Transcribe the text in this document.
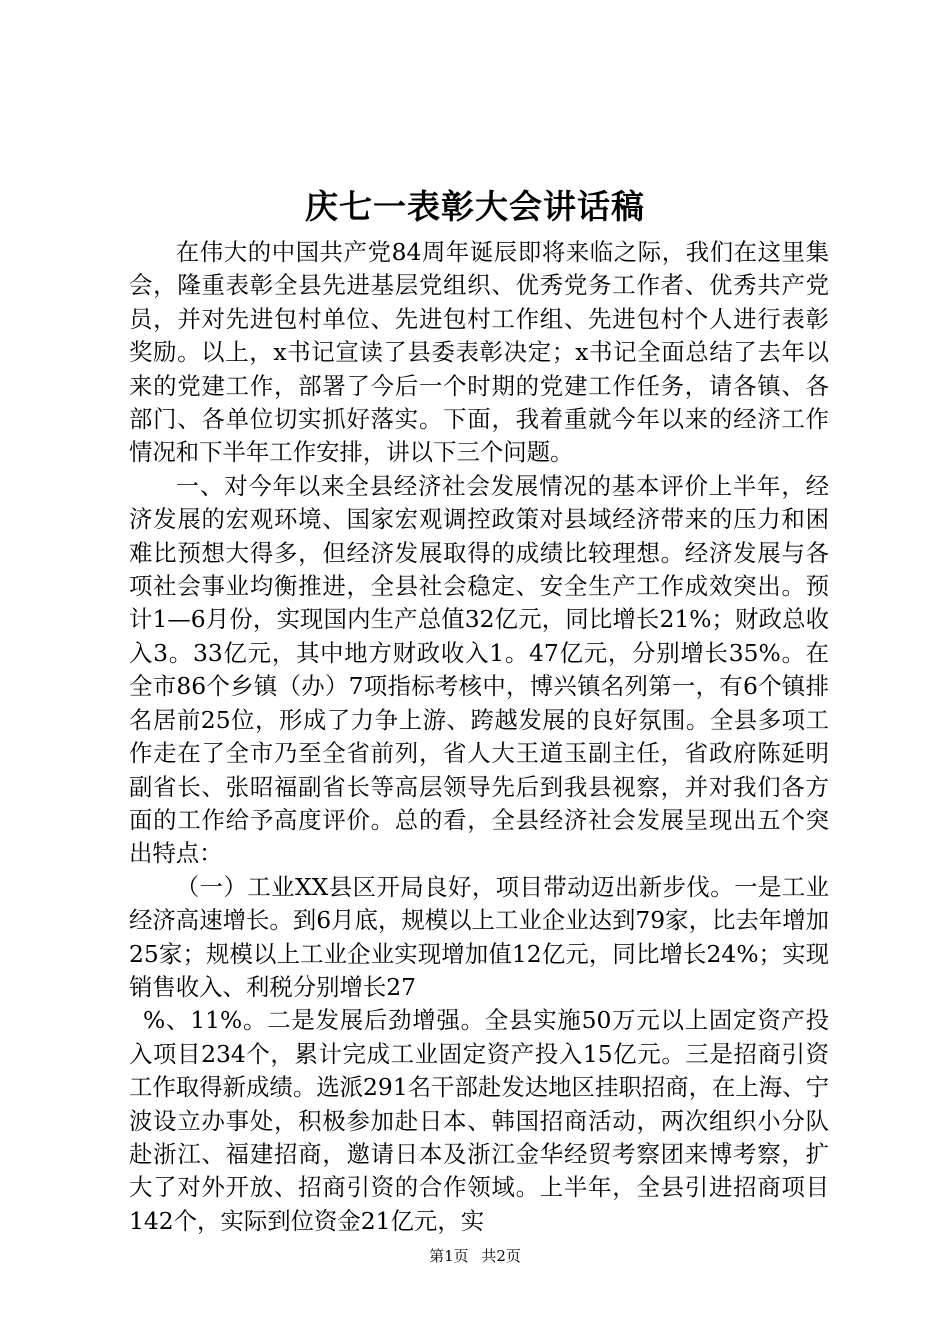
庆七一表彰大会讲话稿

在伟大的中国共产党84周年诞辰即将来临之际，我们在这里集会，隆重表彰全县先进基层党组织、优秀党务工作者、优秀共产党员，并对先进包村单位、先进包村工作组、先进包村个人进行表彰奖励。以上，x书记宣读了县委表彰决定；x书记全面总结了去年以来的党建工作，部署了今后一个时期的党建工作任务，请各镇、各部门、各单位切实抓好落实。下面，我着重就今年以来的经济工作情况和下半年工作安排，讲以下三个问题。

一、对今年以来全县经济社会发展情况的基本评价上半年，经济发展的宏观环境、国家宏观调控政策对县域经济带来的压力和困难比预想大得多，但经济发展取得的成绩比较理想。经济发展与各项社会事业均衡推进，全县社会稳定、安全生产工作成效突出。预计1—6月份，实现国内生产总值32亿元，同比增长21%；财政总收入3。33亿元，其中地方财政收入1。47亿元，分别增长35%。在全市86个乡镇（办）7项指标考核中，博兴镇名列第一，有6个镇排名居前25位，形成了力争上游、跨越发展的良好氛围。全县多项工作走在了全市乃至全省前列，省人大王道玉副主任，省政府陈延明副省长、张昭福副省长等高层领导先后到我县视察，并对我们各方面的工作给予高度评价。总的看，全县经济社会发展呈现出五个突出特点：

（一）工业XX县区开局良好，项目带动迈出新步伐。一是工业经济高速增长。到6月底，规模以上工业企业达到79家，比去年增加25家；规模以上工业企业实现增加值12亿元，同比增长24%；实现销售收入、利税分别增长27

%、11%。二是发展后劲增强。全县实施50万元以上固定资产投入项目234个，累计完成工业固定资产投入15亿元。三是招商引资工作取得新成绩。选派291名干部赴发达地区挂职招商，在上海、宁波设立办事处，积极参加赴日本、韩国招商活动，两次组织小分队赴浙江、福建招商，邀请日本及浙江金华经贸考察团来博考察，扩大了对外开放、招商引资的合作领域。上半年，全县引进招商项目142个，实际到位资金21亿元，实

第1页 共2页
